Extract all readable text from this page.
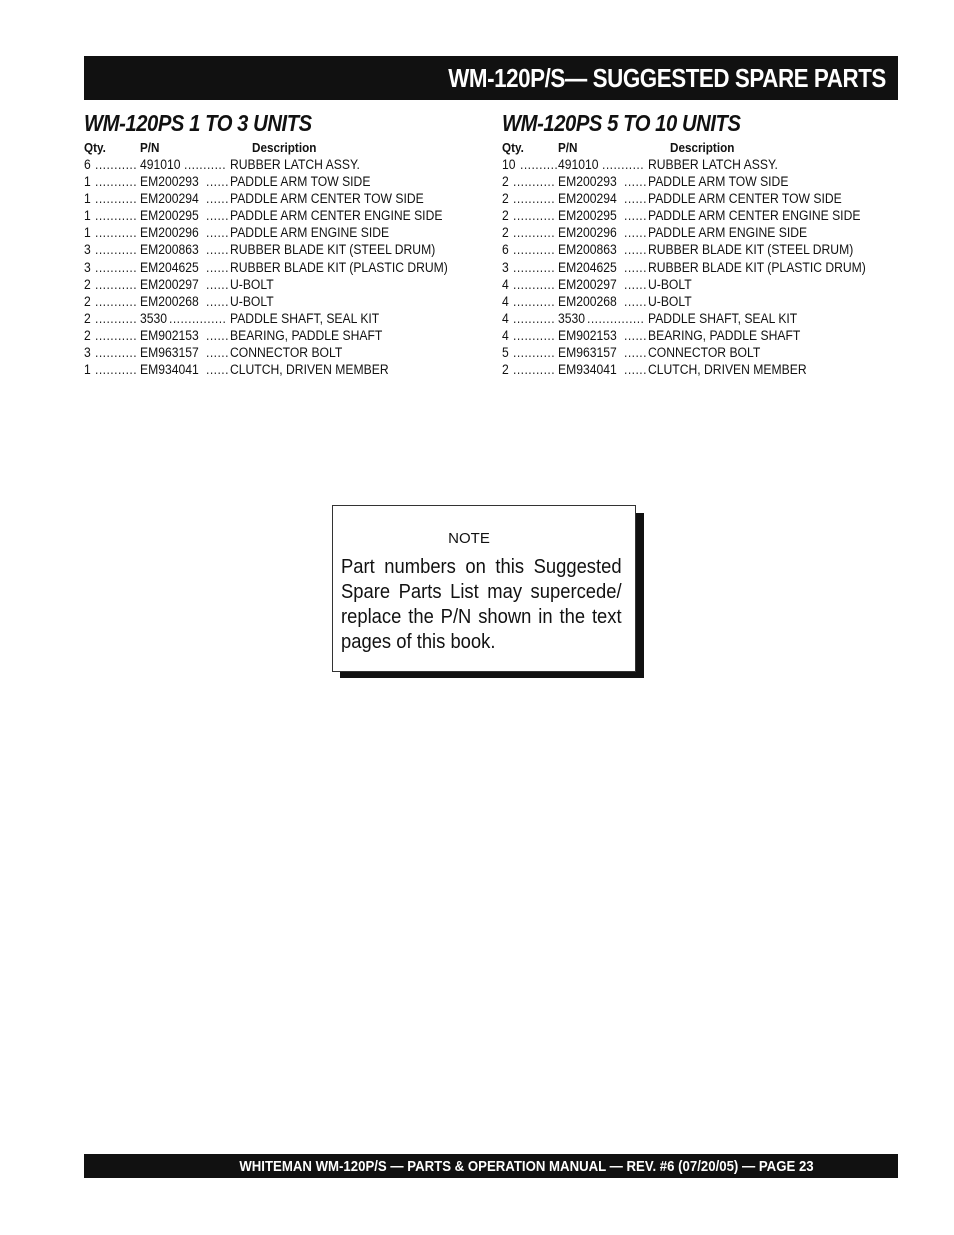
WM-120P/S— SUGGESTED SPARE PARTS
WM-120PS 1 TO 3 UNITS
Qty.	P/N	Description
6 ........... 491010 ........... RUBBER LATCH ASSY.
1 ........... EM200293 ...... PADDLE ARM TOW SIDE
1 ........... EM200294 ...... PADDLE ARM CENTER TOW SIDE
1 ........... EM200295 ...... PADDLE ARM CENTER ENGINE SIDE
1 ........... EM200296 ...... PADDLE ARM ENGINE SIDE
3 ........... EM200863 ...... RUBBER BLADE KIT (STEEL DRUM)
3 ........... EM204625 ...... RUBBER BLADE KIT (PLASTIC DRUM)
2 ........... EM200297 ...... U-BOLT
2 ........... EM200268 ...... U-BOLT
2 ........... 3530 ............... PADDLE SHAFT, SEAL KIT
2 ........... EM902153 ...... BEARING, PADDLE SHAFT
3 ........... EM963157 ...... CONNECTOR BOLT
1 ........... EM934041 ...... CLUTCH, DRIVEN MEMBER
WM-120PS 5 TO 10 UNITS
Qty.	P/N	Description
10 .......... 491010 ........... RUBBER LATCH ASSY.
2 ........... EM200293 ...... PADDLE ARM TOW SIDE
2 ........... EM200294 ...... PADDLE ARM CENTER TOW SIDE
2 ........... EM200295 ...... PADDLE ARM CENTER ENGINE SIDE
2 ........... EM200296 ...... PADDLE ARM ENGINE SIDE
6 ........... EM200863 ...... RUBBER BLADE KIT (STEEL DRUM)
3 ........... EM204625 ...... RUBBER BLADE KIT (PLASTIC DRUM)
4 ........... EM200297 ...... U-BOLT
4 ........... EM200268 ...... U-BOLT
4 ........... 3530 ............... PADDLE SHAFT, SEAL KIT
4 ........... EM902153 ...... BEARING, PADDLE SHAFT
5 ........... EM963157 ...... CONNECTOR BOLT
2 ........... EM934041 ...... CLUTCH, DRIVEN MEMBER
NOTE
Part numbers on this Suggested Spare Parts List may supercede/ replace the P/N shown in the text pages of this book.
WHITEMAN WM-120P/S — PARTS & OPERATION MANUAL — REV. #6 (07/20/05) — PAGE 23
